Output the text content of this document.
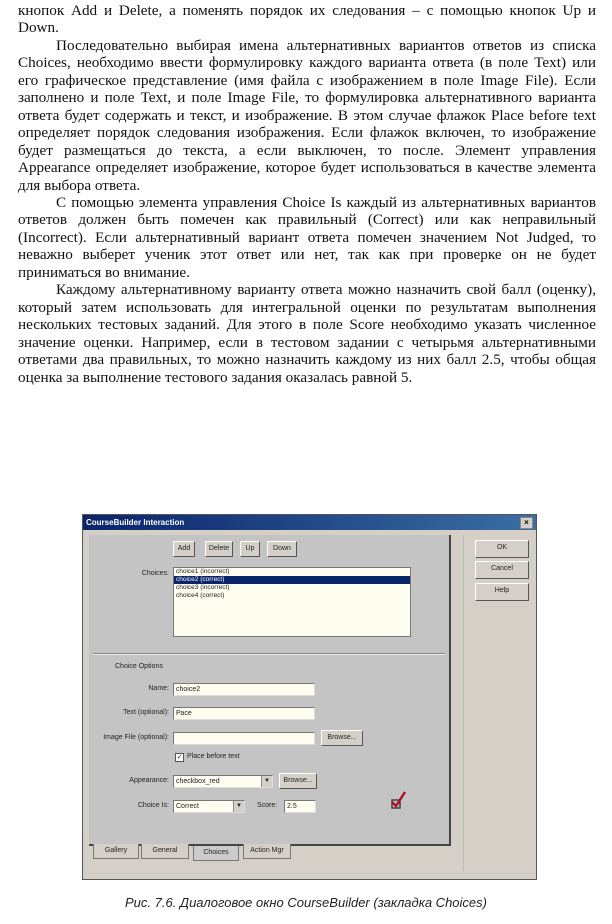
кнопок Add и Delete, а поменять порядок их следования – с помощью кнопок Up и Down.

Последовательно выбирая имена альтернативных вариантов ответов из списка Choices, необходимо ввести формулировку каждого варианта ответа (в поле Text) или его графическое представление (имя файла с изображением в поле Image File). Если заполнено и поле Text, и поле Image File, то формулировка альтернативного варианта ответа будет содержать и текст, и изображение. В этом случае флажок Place before text определяет порядок следования изображения. Если флажок включен, то изображение будет размещаться до текста, а если выключен, то после. Элемент управления Appearance определяет изображение, которое будет использоваться в качестве элемента для выбора ответа.

С помощью элемента управления Choice Is каждый из альтернативных вариантов ответов должен быть помечен как правильный (Correct) или как неправильный (Incorrect). Если альтернативный вариант ответа помечен значением Not Judged, то неважно выберет ученик этот ответ или нет, так как при проверке он не будет приниматься во внимание.

Каждому альтернативному варианту ответа можно назначить свой балл (оценку), который затем использовать для интегральной оценки по результатам выполнения нескольких тестовых заданий. Для этого в поле Score необходимо указать численное значение оценки. Например, если в тестовом задании с четырьмя альтернативными ответами два правильных, то можно назначить каждому из них балл 2.5, чтобы общая оценка за выполнение тестового задания оказалась равной 5.

CourseBuilder Interaction	×
Add	Delete	Up	Down
Choices:	choice1 (incorrect)
choice2 (correct)
choice3 (incorrect)
choice4 (correct)
Choice Options
Name:	choice2
Text (optional):	Расе
Image File (optional):	Browse...
✓ Place before text
Appearance:	checkbox_red	▼	Browse...
Choice Is:	Correct	▼ Score:	2.5
OK
Cancel
Help
Gallery	General	Choices	Action Mgr
Рис. 7.6. Диалоговое окно CourseBuilder (закладка Choices)
